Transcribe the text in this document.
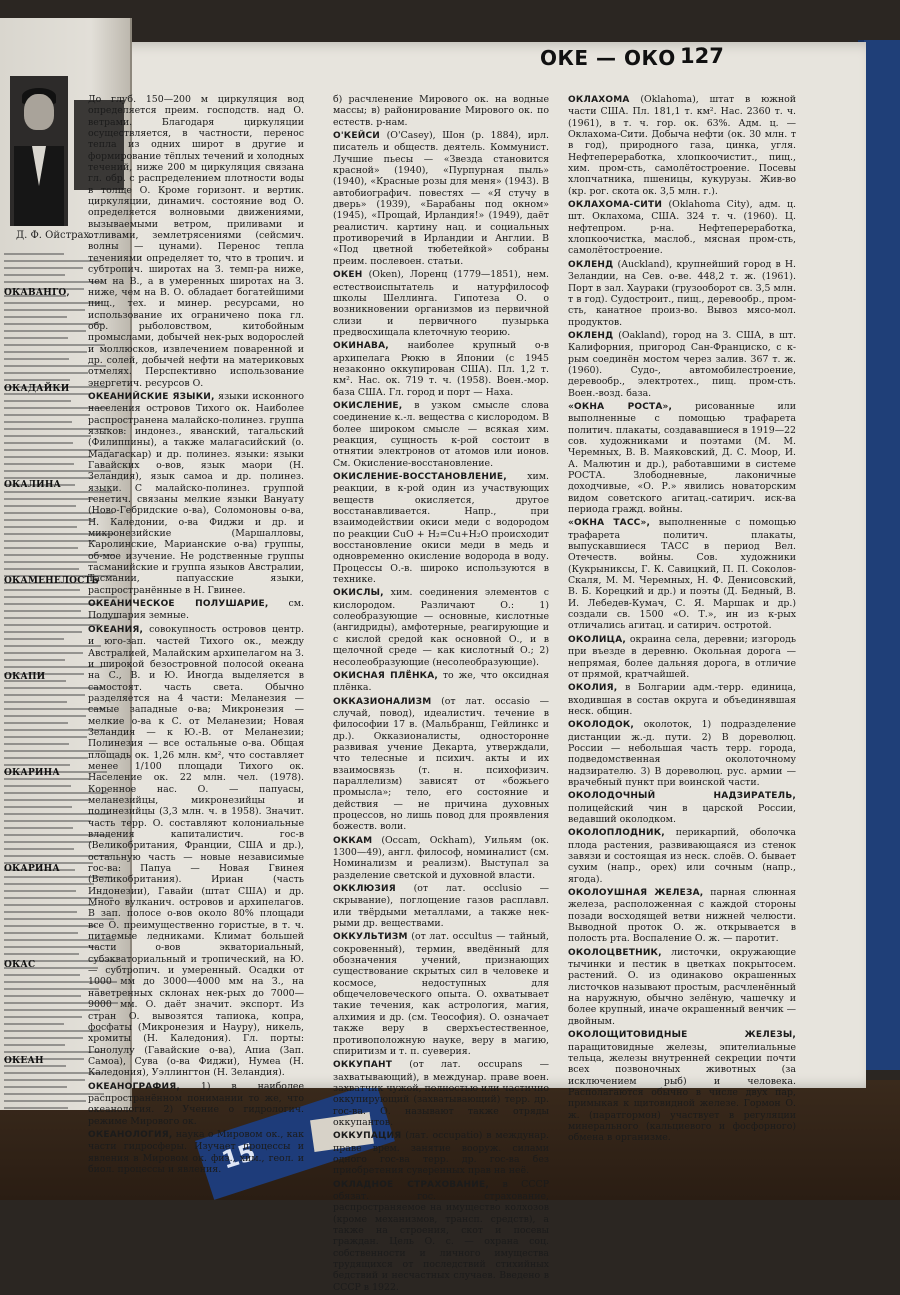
15
Д. Ф. Ойстрах.
ОКАВАНГО,
ОКАДАЙКИ
ОКАЛИНА
ОКАМЕНЕЛОСТЬ
ОКАПИ
ОКАРИНА
ОКАРИНА
ОКАС
ОКЕАН
ОКЕ — ОКО 127
До глуб. 150—200 м циркуляция вод определяется преим. господств. над О. ветрами. Благодаря циркуляции осуществляется, в частности, перенос тепла из одних широт в другие и формирование тёплых течений и холодных течений, ниже 200 м циркуляция связана гл. обр. с распределением плотности воды в толще О. Кроме горизонт. и вертик. циркуляции, динамич. состояние вод О. определяется волновыми движениями, вызываемыми ветром, приливами и отливами, землетрясениями (сейсмич. волны — цунами). Перенос тепла течениями определяет то, что в тропич. и субтропич. широтах на З. темп-ра ниже, чем на В., а в умеренных широтах на З. ниже, чем на В. О. обладает богатейшими пищ., тех. и минер. ресурсами, но использование их ограничено пока гл. обр. рыболовством, китобойным промыслами, добычей нек-рых водорослей и моллюсков, извлечением поваренной и др. солей, добычей нефти на материковых отмелях. Перспективно использование энергетич. ресурсов О.
ОКЕАНИЙСКИЕ ЯЗЫКИ, языки исконного населения островов Тихого ок. Наиболее распространена малайско-полинез. группа языков: индонез., яванский, тагальский (Филиппины), а также малагасийский (о. Мадагаскар) и др. полинез. языки: языки Гавайских о-вов, язык маори (Н. Зеландия), язык самоа и др. полинез. языки. С малайско-полинез. группой генетич. связаны мелкие языки Вануату (Ново-Гебридские о-ва), Соломоновы о-ва, Н. Каледонии, о-ва Фиджи и др. и микронезийские (Маршалловы, Каролинские, Марианские о-ва) группы, об-мое изучение. Не родственные группы тасманийские и группа языков Австралии, Тасмании, папуасские языки, распространённые в Н. Гвинее.
ОКЕАНИЧЕСКОЕ ПОЛУШАРИЕ, см. Полушария земные.
ОКЕАНИЯ, совокупность островов центр. и юго-зап. частей Тихого ок., между Австралией, Малайским архипелагом на З. и широкой безостровной полосой океана на С., В. и Ю. Иногда выделяется в самостоят. часть света. Обычно разделяется на 4 части: Меланезия — самые западные о-ва; Микронезия — мелкие о-ва к С. от Меланезии; Новая Зеландия — к Ю.-В. от Меланезии; Полинезия — все остальные о-ва. Общая площадь ок. 1,26 млн. км², что составляет менее 1/100 площади Тихого ок. Население ок. 22 млн. чел. (1978). Коренное нас. О. — папуасы, меланезийцы, микронезийцы и полинезийцы (3,3 млн. ч. в 1958). Значит. часть терр. О. составляют колониальные владения капиталистич. гос-в (Великобритания, Франции, США и др.), остальную часть — новые независимые гос-ва: Папуа — Новая Гвинея (Великобритания). Ириан (часть Индонезии), Гавайи (штат США) и др. Много вулканич. островов и архипелагов. В зап. полосе о-вов около 80% площади все О. преимущественно гористые, в т. ч. питаемые ледниками. Климат большей части о-вов экваториальный, субэкваториальный и тропический, на Ю. — субтропич. и умеренный. Осадки от 1000 мм до 3000—4000 мм на З., на наветренных склонах нек-рых до 7000—9000 мм. О. даёт значит. экспорт. Из стран О. вывозятся тапиока, копра, фосфаты (Микронезия и Науру), никель, хромиты (Н. Каледония). Гл. порты: Гонолулу (Гавайские о-ва), Апиа (Зап. Самоа), Сува (о-ва Фиджи), Нумеа (Н. Каледония), Уэллингтон (Н. Зеландия).
ОКЕАНОГРАФИЯ, 1) в наиболее распространённом понимании то же, что океанология. 2) Учение о гидрологич. режиме Мирового ок.
ОКЕАНОЛОГИЯ, наука о Мировом ок., как части гидросферы. Изучает процессы и явления в Мировом ок. физ., хим., геол. и биол. процессы и явления.
б) расчленение Мирового ок. на водные массы; в) районирование Мирового ок. по естеств. р-нам.
О'КЕЙСИ (O'Casey), Шон (р. 1884), ирл. писатель и обществ. деятель. Коммунист. Лучшие пьесы — «Звезда становится красной» (1940), «Пурпурная пыль» (1940), «Красные розы для меня» (1943). В автобиографич. повестях — «Я стучу в дверь» (1939), «Барабаны под окном» (1945), «Прощай, Ирландия!» (1949), даёт реалистич. картину нац. и социальных противоречий в Ирландии и Англии. В «Под цветной тюбетейкой» собраны преим. послевоен. статьи.
ОКЕН (Oken), Лоренц (1779—1851), нем. естествоиспытатель и натурфилософ школы Шеллинга. Гипотеза О. о возникновении организмов из первичной слизи и первичного пузырька предвосхищала клеточную теорию.
ОКИНАВА, наиболее крупный о-в архипелага Рюкю в Японии (с 1945 незаконно оккупирован США). Пл. 1,2 т. км². Нас. ок. 719 т. ч. (1958). Воен.-мор. база США. Гл. город и порт — Наха.
ОКИСЛЕНИЕ, в узком смысле слова соединение к.-л. вещества с кислородом. В более широком смысле — всякая хим. реакция, сущность к-рой состоит в отнятии электронов от атомов или ионов. См. Окисление-восстановление.
ОКИСЛЕНИЕ-ВОССТАНОВЛЕНИЕ, хим. реакции, в к-рой один из участвующих веществ окисляется, другое восстанавливается. Напр., при взаимодействии окиси меди с водородом по реакции CuO + H₂=Cu+H₂O происходит восстановление окиси меди в медь и одновременно окисление водорода в воду. Процессы О.-в. широко используются в технике.
ОКИСЛЫ, хим. соединения элементов с кислородом. Различают О.: 1) солеобразующие — основные, кислотные (ангидриды), амфотерные, реагирующие и с кислой средой как основной О., и в щелочной среде — как кислотный О.; 2) несолеобразующие (несолеобразующие).
ОКИСНАЯ ПЛЁНКА, то же, что оксидная плёнка.
ОККАЗИОНАЛИЗМ (от лат. occasio — случай, повод), идеалистич. течение в философии 17 в. (Мальбранш, Гейлинкс и др.). Окказионалисты, односторонне развивая учение Декарта, утверждали, что телесные и психич. акты и их взаимосвязь (т. н. психофизич. параллелизм) зависят от «божьего промысла»; тело, его состояние и действия — не причина духовных процессов, но лишь повод для проявления божеств. воли.
ОККАМ (Occam, Ockham), Уильям (ок. 1300—49), англ. философ, номиналист (см. Номинализм и реализм). Выступал за разделение светской и духовной власти.
ОККЛЮЗИЯ (от лат. occlusio — скрывание), поглощение газов расплавл. или твёрдыми металлами, а также нек-рыми др. веществами.
ОККУЛЬТИЗМ (от лат. occultus — тайный, сокровенный), термин, введённый для обозначения учений, признающих существование скрытых сил в человеке и космосе, недоступных для общечеловеческого опыта. О. охватывает такие течения, как астрология, магия, алхимия и др. (см. Теософия). О. означает также веру в сверхъестественное, противоположную науке, веру в магию, спиритизм и т. п. суеверия.
ОККУПАНТ (от лат. occupans — захватывающий), в междунар. праве воен. захватчик чужой, полностью или частично оккупирующий (захватывающий) терр. др. гос-ва. О. называют также отряды оккупантов.
ОККУПАЦИЯ (лат. occupatio) в междунар. праве врем. занятие вооруж. силами одного гос-ва терр. др. гос-ва без приобретения суверенных прав на неё.
ОКЛАДНОЕ СТРАХОВАНИЕ, в СССР обязат. гос. страхование, распространяемое на имущество колхозов (кроме механизмов, трансп. средств), а также на строения, скот и посевы граждан. Цель О. с. — охрана соц. собственности и личного имущества трудящихся от последствий стихийных бедствий и несчастных случаев. Введено в СССР в 1922.
ОКЛАХОМА (Oklahoma), штат в южной части США. Пл. 181,1 т. км². Нас. 2360 т. ч. (1961), в т. ч. гор. ок. 63%. Адм. ц. — Оклахома-Сити. Добыча нефти (ок. 30 млн. т в год), природного газа, цинка, угля. Нефтепереработка, хлопкоочистит., пищ., хим. пром-сть, самолётостроение. Посевы хлопчатника, пшеницы, кукурузы. Жив-во (кр. рог. скота ок. 3,5 млн. г.).
ОКЛАХОМА-СИТИ (Oklahoma City), адм. ц. шт. Оклахома, США. 324 т. ч. (1960). Ц. нефтепром. р-на. Нефтепереработка, хлопкоочистка, маслоб., мясная пром-сть, самолётостроение.
ОКЛЕНД (Auckland), крупнейший город в Н. Зеландии, на Сев. о-ве. 448,2 т. ж. (1961). Порт в зал. Хаураки (грузооборот св. 3,5 млн. т в год). Судостроит., пищ., деревообр., пром-сть, канатное произ-во. Вывоз мясо-мол. продуктов.
ОКЛЕНД (Oakland), город на З. США, в шт. Калифорния, пригород Сан-Франциско, с к-рым соединён мостом через залив. 367 т. ж. (1960). Судо-, автомобилестроение, деревообр., электротех., пищ. пром-сть. Воен.-возд. база.
«ОКНА РОСТА», рисованные или выполненные с помощью трафарета политич. плакаты, создававшиеся в 1919—22 сов. художниками и поэтами (М. М. Черемных, В. В. Маяковский, Д. С. Моор, И. А. Малютин и др.), работавшими в системе РОСТА. Злободневные, лаконичные доходчивые, «О. Р.» явились новаторским видом советского агитац.-сатирич. иск-ва периода гражд. войны.
«ОКНА ТАСС», выполненные с помощью трафарета политич. плакаты, выпускавшиеся ТАСС в период Вел. Отечеств. войны. Сов. художники (Кукрыниксы, Г. К. Савицкий, П. П. Соколов-Скаля, М. М. Черемных, Н. Ф. Денисовский, В. Б. Корецкий и др.) и поэты (Д. Бедный, В. И. Лебедев-Кумач, С. Я. Маршак и др.) создали св. 1500 «О. Т.», ин из к-рых отличались агитац. и сатирич. остротой.
ОКОЛИЦА, окраина села, деревни; изгородь при въезде в деревню. Окольная дорога — непрямая, более дальняя дорога, в отличие от прямой, кратчайшей.
ОКОЛИЯ, в Болгарии адм.-терр. единица, входившая в состав округа и объединявшая неск. общин.
ОКОЛОДОК, околоток, 1) подразделение дистанции ж.-д. пути. 2) В дореволюц. России — небольшая часть терр. города, подведомственная околоточному надзирателю. 3) В дореволюц. рус. армии — врачебный пункт при воинской части.
ОКОЛОДОЧНЫЙ НАДЗИРАТЕЛЬ, полицейский чин в царской России, ведавший околодком.
ОКОЛОПЛОДНИК, перикарпий, оболочка плода растения, развивающаяся из стенок завязи и состоящая из неск. слоёв. О. бывает сухим (напр., орех) или сочным (напр., ягода).
ОКОЛОУШНАЯ ЖЕЛЕЗА, парная слюнная железа, расположенная с каждой стороны позади восходящей ветви нижней челюсти. Выводной проток О. ж. открывается в полость рта. Воспаление О. ж. — паротит.
ОКОЛОЦВЕТНИК, листочки, окружающие тычинки и пестик в цветках покрытосем. растений. О. из одинаково окрашенных листочков называют простым, расчленённый на наружную, обычно зелёную, чашечку и более крупный, иначе окрашенный венчик — двойным.
ОКОЛОЩИТОВИДНЫЕ ЖЕЛЕЗЫ, паращитовидные железы, эпителиальные тельца, железы внутренней секреции почти всех позвоночных животных (за исключением рыб) и человека. Располагаются обычно в числе двух пар, примыкая к щитовидной железе. Гормон О. ж. (паратгормон) участвует в регуляции минерального (кальциевого и фосфорного) обмена в организме.
